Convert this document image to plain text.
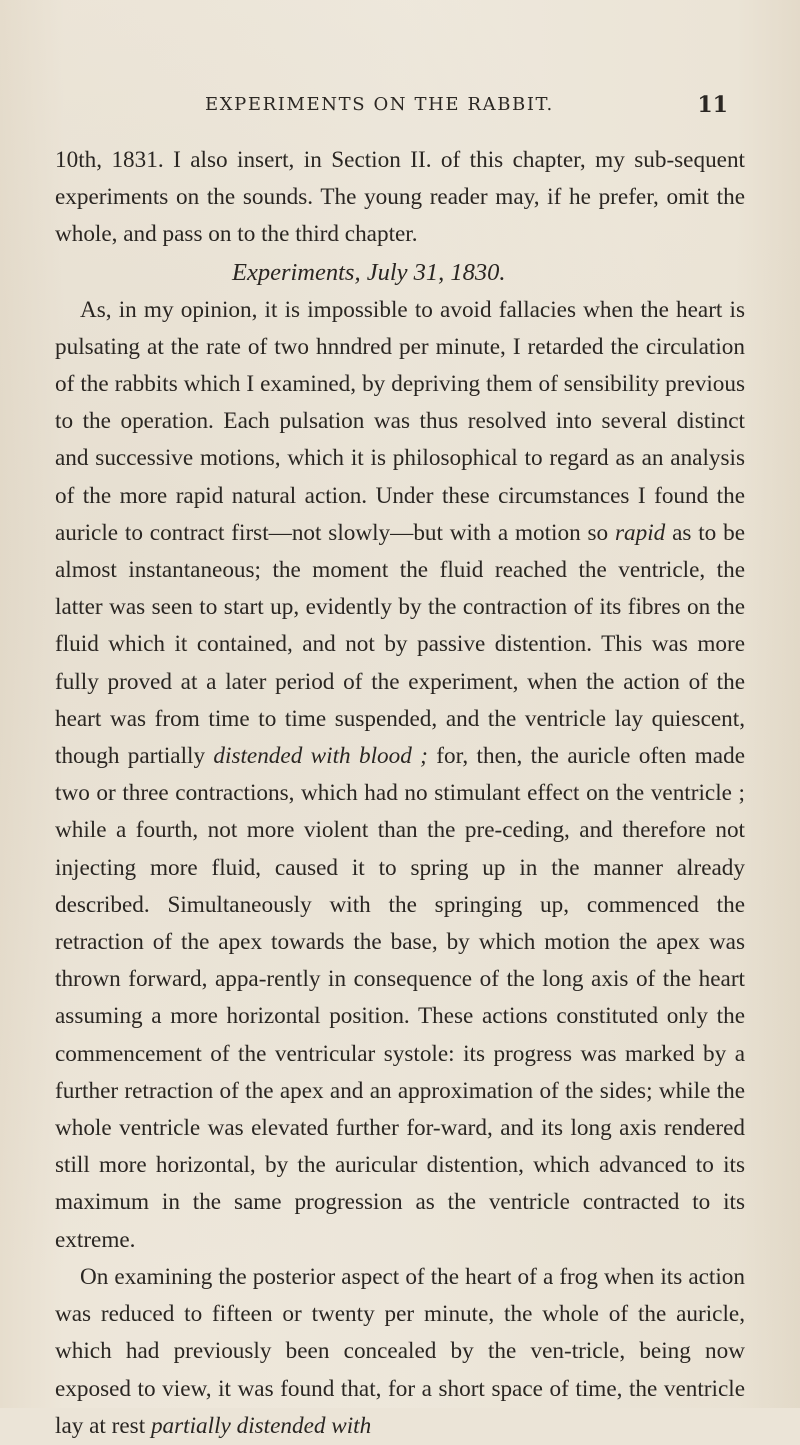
EXPERIMENTS ON THE RABBIT.	11

10th, 1831. I also insert, in Section II. of this chapter, my sub-sequent experiments on the sounds. The young reader may, if he prefer, omit the whole, and pass on to the third chapter.

Experiments, July 31, 1830.

As, in my opinion, it is impossible to avoid fallacies when the heart is pulsating at the rate of two hnndred per minute, I retarded the circulation of the rabbits which I examined, by depriving them of sensibility previous to the operation. Each pulsation was thus resolved into several distinct and successive motions, which it is philosophical to regard as an analysis of the more rapid natural action. Under these circumstances I found the auricle to contract first—not slowly—but with a motion so rapid as to be almost instantaneous; the moment the fluid reached the ventricle, the latter was seen to start up, evidently by the contraction of its fibres on the fluid which it contained, and not by passive distention. This was more fully proved at a later period of the experiment, when the action of the heart was from time to time suspended, and the ventricle lay quiescent, though partially distended with blood ; for, then, the auricle often made two or three contractions, which had no stimulant effect on the ventricle ; while a fourth, not more violent than the pre-ceding, and therefore not injecting more fluid, caused it to spring up in the manner already described. Simultaneously with the springing up, commenced the retraction of the apex towards the base, by which motion the apex was thrown forward, appa-rently in consequence of the long axis of the heart assuming a more horizontal position. These actions constituted only the commencement of the ventricular systole: its progress was marked by a further retraction of the apex and an approximation of the sides; while the whole ventricle was elevated further for-ward, and its long axis rendered still more horizontal, by the auricular distention, which advanced to its maximum in the same progression as the ventricle contracted to its extreme.

On examining the posterior aspect of the heart of a frog when its action was reduced to fifteen or twenty per minute, the whole of the auricle, which had previously been concealed by the ven-tricle, being now exposed to view, it was found that, for a short space of time, the ventricle lay at rest partially distended with
